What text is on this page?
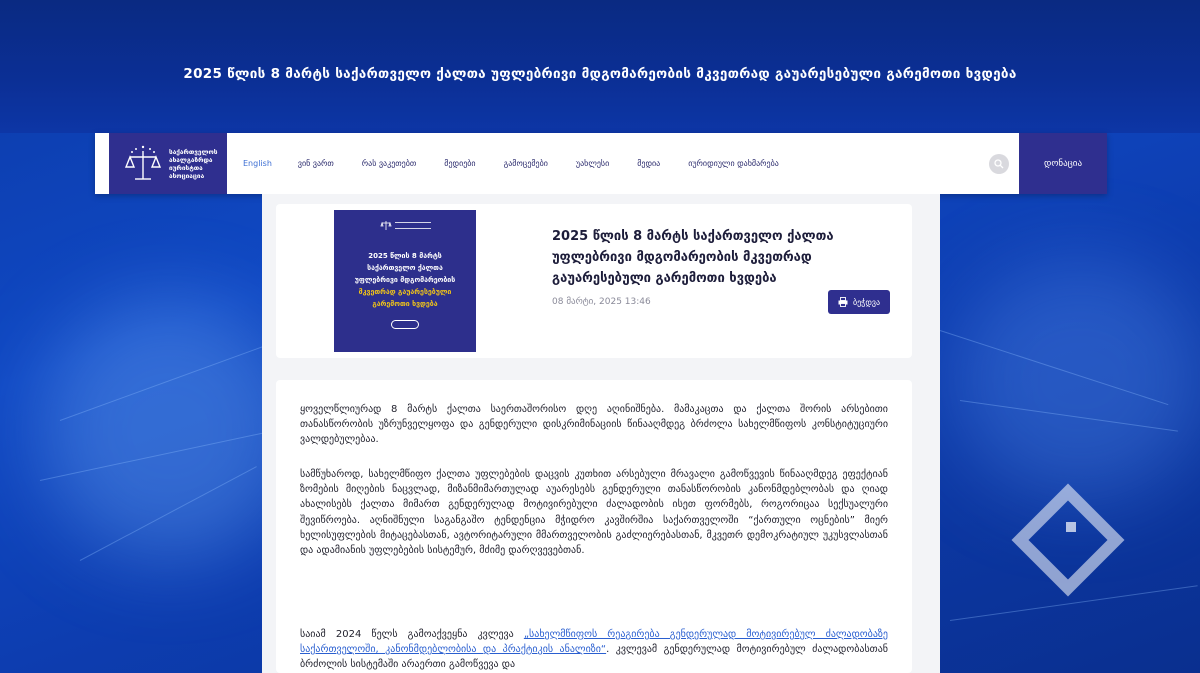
2025 წლის 8 მარტს საქართველო ქალთა უფლებრივი მდგომარეობის მკვეთრად გაუარესებული გარემოთი ხვდება
საქართველოს
ახალგაზრდა
იურისტთა
ასოციაცია
English	ვინ ვართ	რას ვაკეთებთ	მედიები	გამოცემები	უახლესი	მედია	იურიდიული დახმარება	დონაცია
2025 წლის 8 მარტს
საქართველო ქალთა
უფლებრივი მდგომარეობის
მკვეთრად გაუარესებული
გარემოთი ხვდება
2025 წლის 8 მარტს საქართველო ქალთა უფლებრივი მდგომარეობის მკვეთრად გაუარესებული გარემოთი ხვდება
08 მარტი, 2025 13:46	ბეჭდვა

ყოველწლიურად 8 მარტს ქალთა საერთაშორისო დღე აღინიშნება. მამაკაცთა და ქალთა შორის არსებითი თანასწორობის უზრუნველყოფა და გენდერული დისკრიმინაციის წინააღმდეგ ბრძოლა სახელმწიფოს კონსტიტუციური ვალდებულებაა.

სამწუხაროდ, სახელმწიფო ქალთა უფლებების დაცვის კუთხით არსებული მრავალი გამოწვევის წინააღმდეგ ეფექტიან ზომების მიღების ნაცვლად, მიზანმიმართულად აუარესებს გენდერული თანასწორობის კანონმდებლობას და ღიად ახალისებს ქალთა მიმართ გენდერულად მოტივირებული ძალადობის ისეთ ფორმებს, როგორიცაა სექსუალური შევიწროება. აღნიშნული საგანგაშო ტენდენცია მჭიდრო კავშირშია საქართველოში “ქართული ოცნების” მიერ ხელისუფლების მიტაცებასთან, ავტორიტარული მმართველობის გაძლიერებასთან, მკვეთრ დემოკრატიულ უკუსვლასთან და ადამიანის უფლებების სისტემურ, მძიმე დარღვევებთან.

საიამ 2024 წელს გამოაქვეყნა კვლევა „სახელმწიფოს რეაგირება გენდერულად მოტივირებულ ძალადობაზე საქართველოში, კანონმდებლობისა და პრაქტიკის ანალიზი“. კვლევამ გენდერულად მოტივირებულ ძალადობასთან ბრძოლის სისტემაში არაერთი გამოწვევა და
